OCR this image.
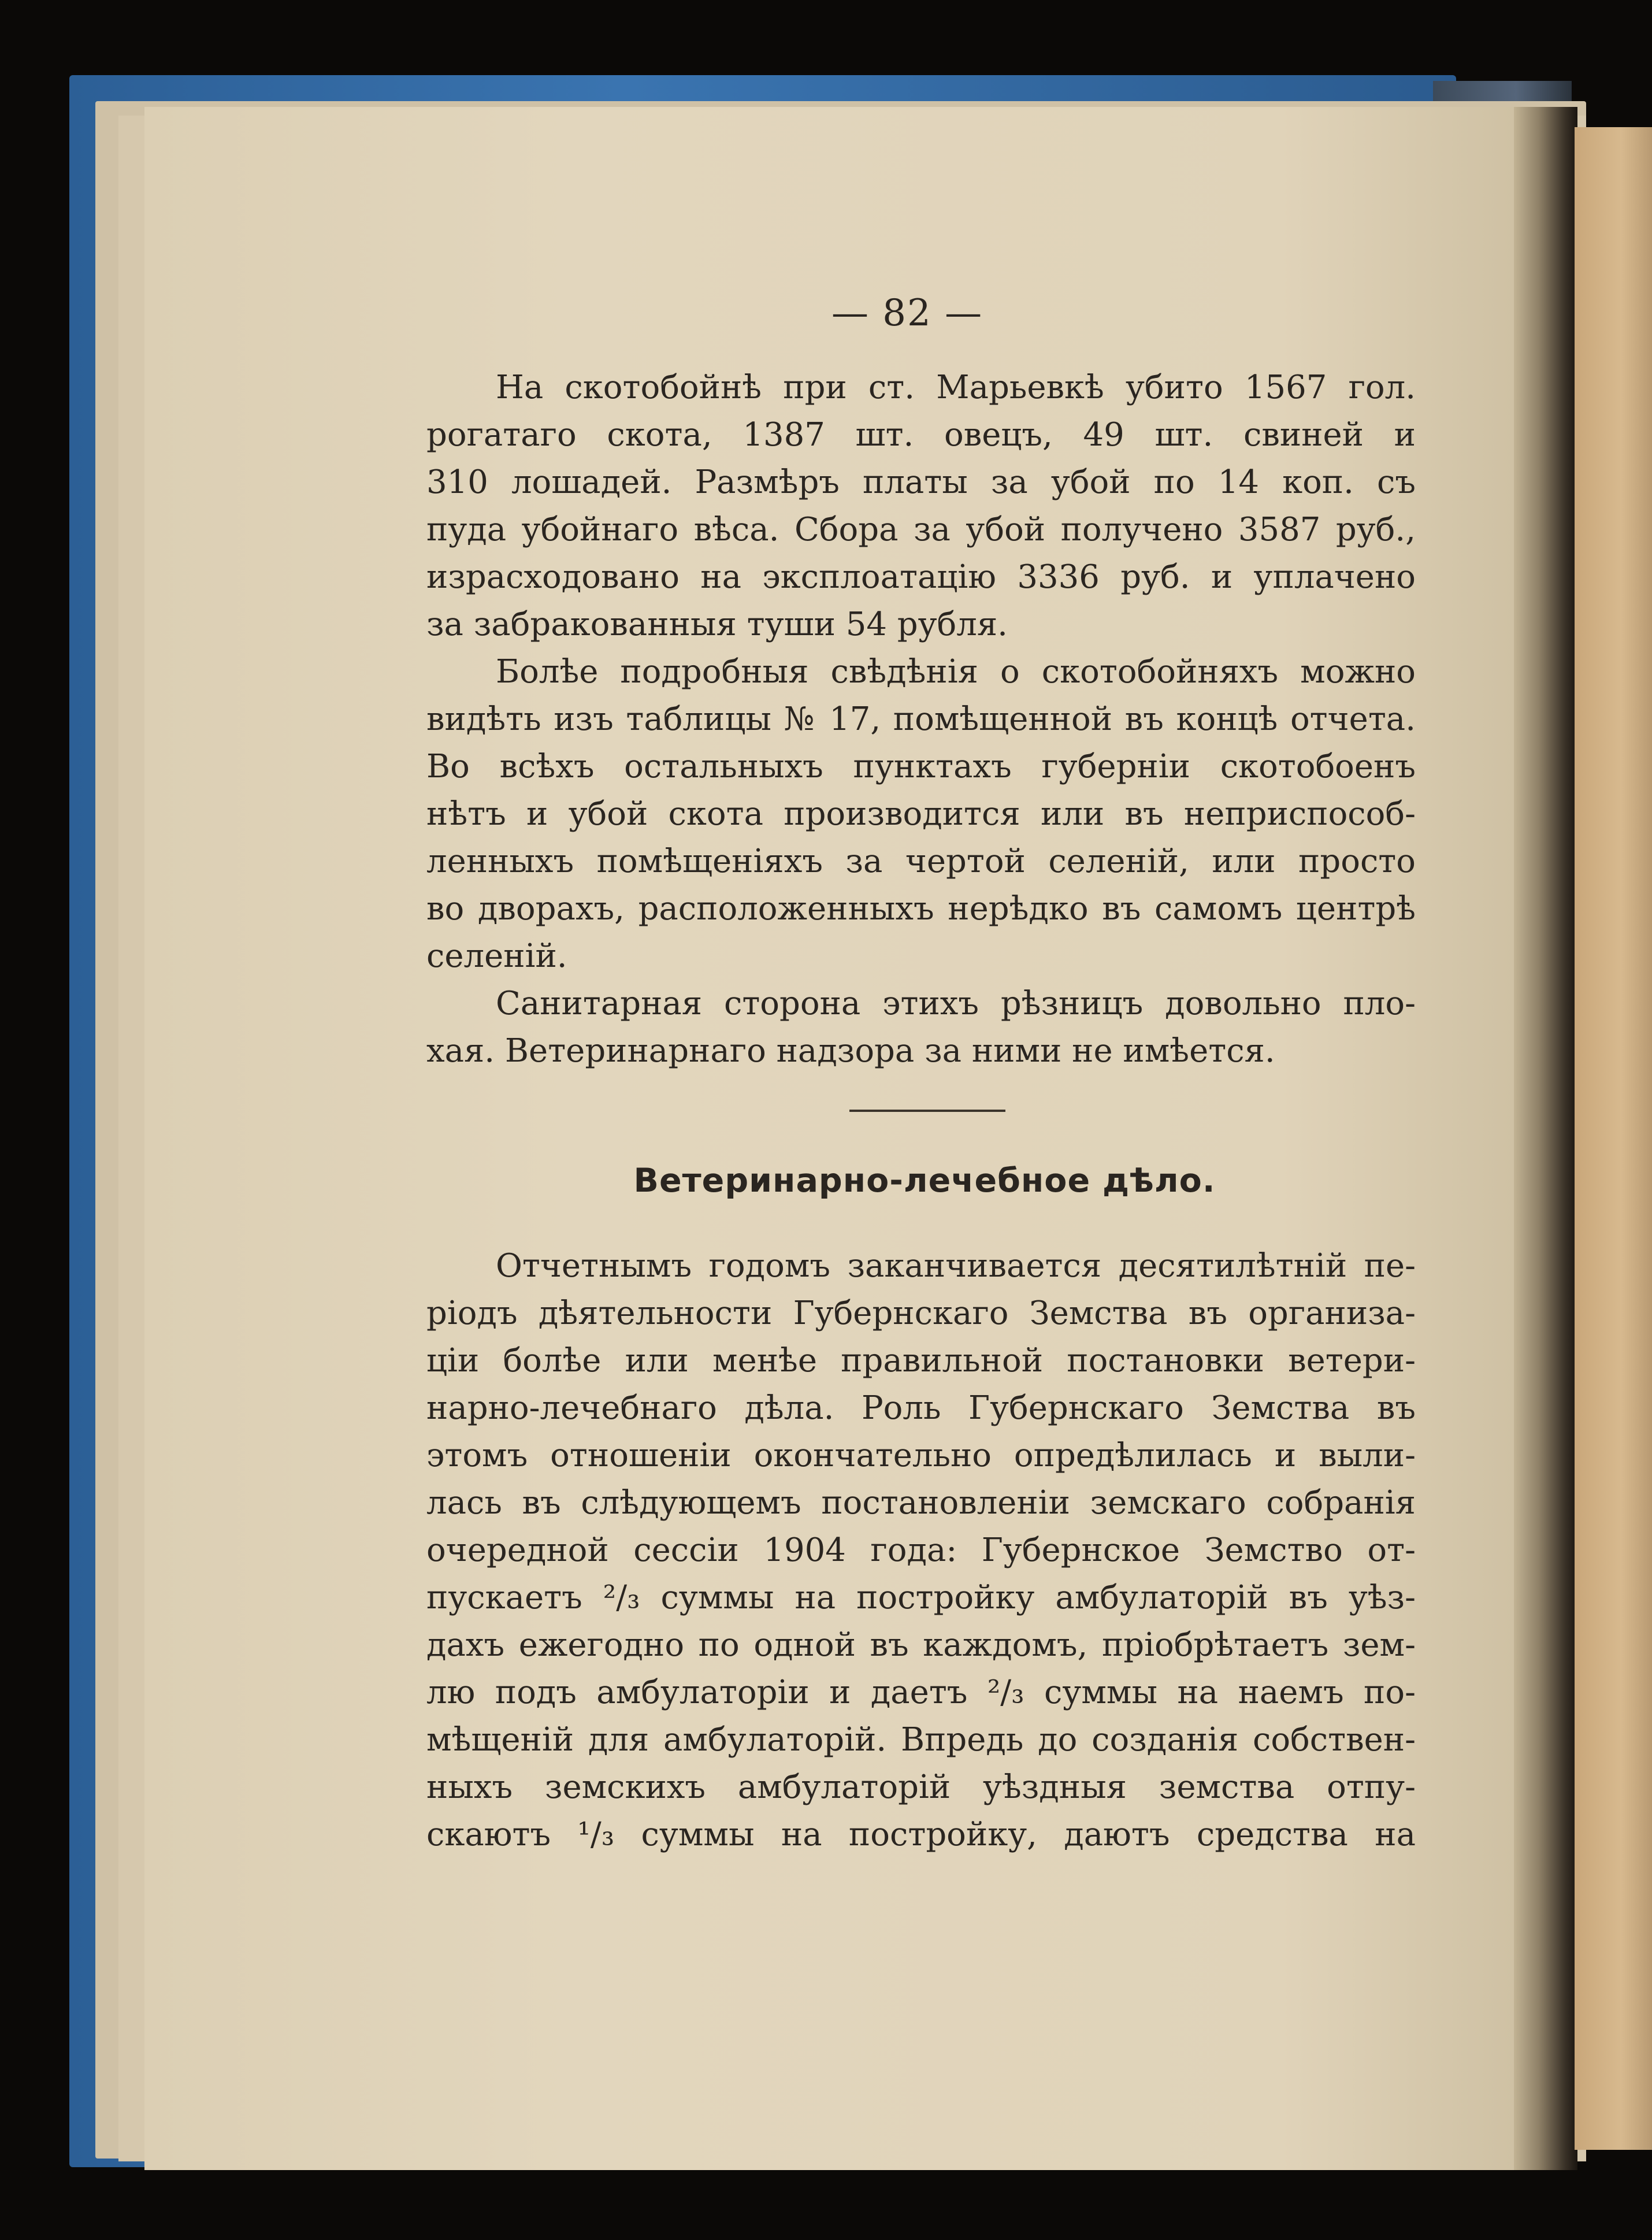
— 82 —
На скотобойнѣ при ст. Марьевкѣ убито 1567 гол.
рогатаго скота, 1387 шт. овецъ, 49 шт. свиней и
310 лошадей. Размѣръ платы за убой по 14 коп. съ
пуда убойнаго вѣса. Сбора за убой получено 3587 руб.,
израсходовано на эксплоатацію 3336 руб. и уплачено
за забракованныя туши 54 рубля.
Болѣе подробныя свѣдѣнія о скотобойняхъ можно
видѣть изъ таблицы № 17, помѣщенной въ концѣ отчета.
Во всѣхъ остальныхъ пунктахъ губерніи скотобоенъ
нѣтъ и убой скота производится или въ неприспособ-
ленныхъ помѣщеніяхъ за чертой селеній, или просто
во дворахъ, расположенныхъ нерѣдко въ самомъ центрѣ
селеній.
Санитарная сторона этихъ рѣзницъ довольно пло-
хая. Ветеринарнаго надзора за ними не имѣется.
Ветеринарно-лечебное дѣло.
Отчетнымъ годомъ заканчивается десятилѣтній пе-
ріодъ дѣятельности Губернскаго Земства въ организа-
ціи болѣе или менѣе правильной постановки ветери-
нарно-лечебнаго дѣла. Роль Губернскаго Земства въ
этомъ отношеніи окончательно опредѣлилась и выли-
лась въ слѣдующемъ постановленіи земскаго собранія
очередной сессіи 1904 года: Губернское Земство от-
пускаетъ ²/₃ суммы на постройку амбулаторій въ уѣз-
дахъ ежегодно по одной въ каждомъ, пріобрѣтаетъ зем-
лю подъ амбулаторіи и даетъ ²/₃ суммы на наемъ по-
мѣщеній для амбулаторій. Впредь до созданія собствен-
ныхъ земскихъ амбулаторій уѣздныя земства отпу-
скаютъ ¹/₃ суммы на постройку, даютъ средства на
